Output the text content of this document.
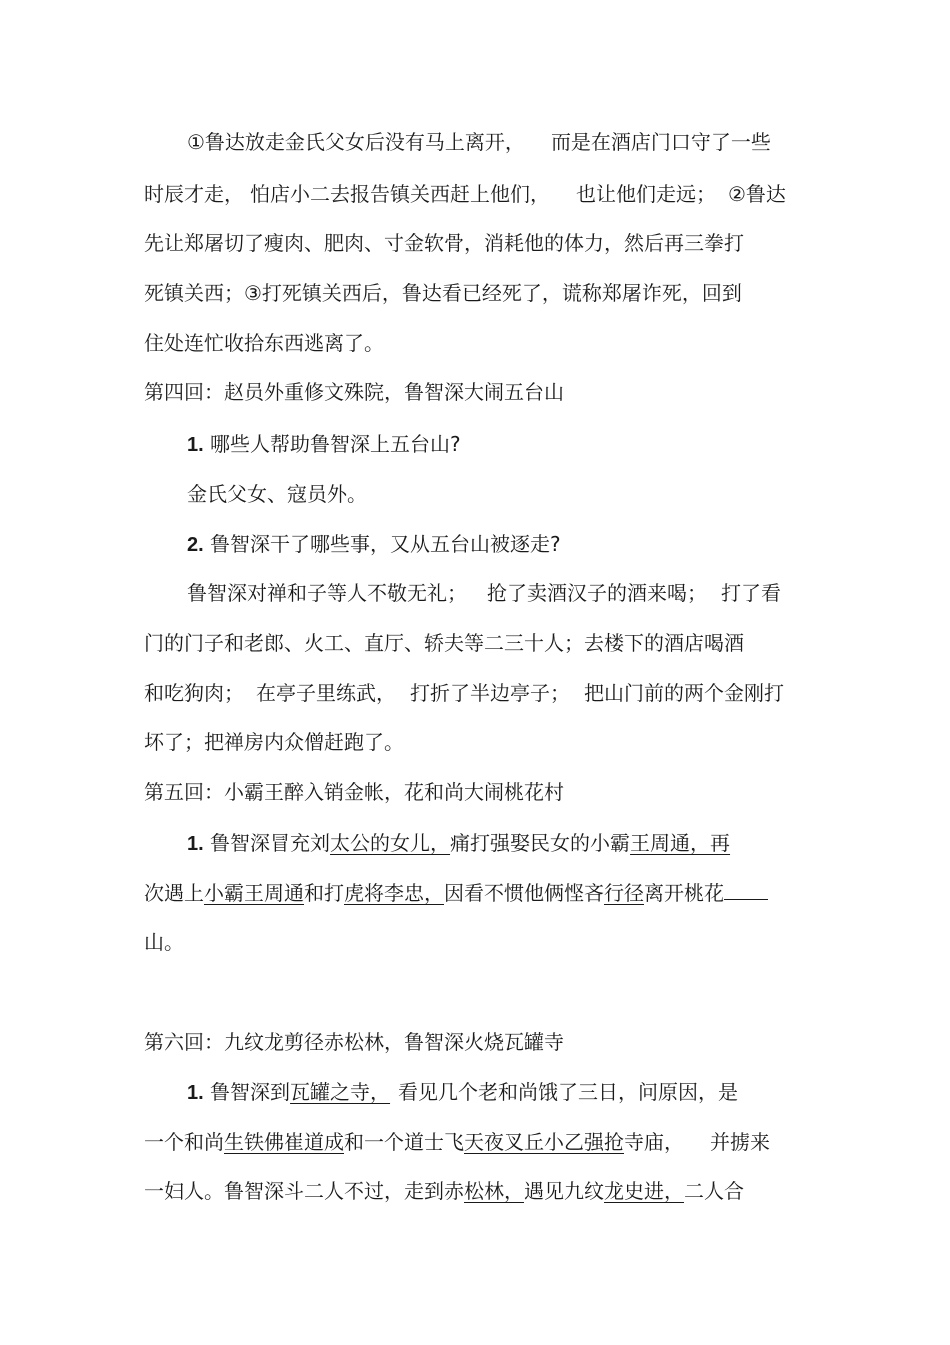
①鲁达放走金氏父女后没有马上离开， 而是在酒店门口守了一些
时辰才走， 怕店小二去报告镇关西赶上他们， 也让他们走远； ②鲁达
先让郑屠切了瘦肉、肥肉、寸金软骨，消耗他的体力，然后再三拳打
死镇关西；③打死镇关西后，鲁达看已经死了，谎称郑屠诈死，回到
住处连忙收拾东西逃离了。
第四回：赵员外重修文殊院，鲁智深大闹五台山
1. 哪些人帮助鲁智深上五台山?
金氏父女、寇员外。
2. 鲁智深干了哪些事，又从五台山被逐走?
鲁智深对禅和子等人不敬无礼； 抢了卖酒汉子的酒来喝； 打了看
门的门子和老郎、火工、直厅、轿夫等二三十人；去楼下的酒店喝酒
和吃狗肉； 在亭子里练武， 打折了半边亭子； 把山门前的两个金刚打
坏了；把禅房内众僧赶跑了。
第五回：小霸王醉入销金帐，花和尚大闹桃花村
1. 鲁智深冒充刘太公的女儿，痛打强娶民女的小霸王周通，再
次遇上小霸王周通和打虎将李忠，因看不惯他俩悭吝行径离开桃花
山。
第六回：九纹龙剪径赤松林，鲁智深火烧瓦罐寺
1. 鲁智深到瓦罐之寺， 看见几个老和尚饿了三日，问原因，是
一个和尚生铁佛崔道成和一个道士飞天夜叉丘小乙强抢寺庙， 并掳来
一妇人。鲁智深斗二人不过，走到赤松林，遇见九纹龙史进，二人合
